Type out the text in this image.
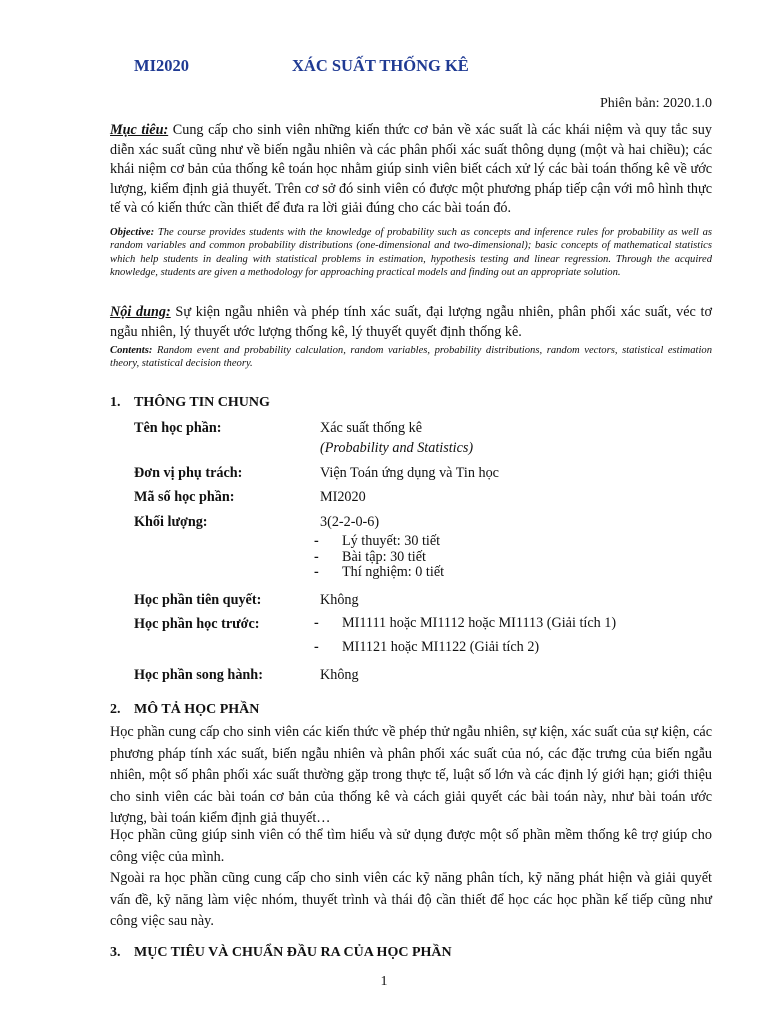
MI2020	XÁC SUẤT THỐNG KÊ
Phiên bản: 2020.1.0

Mục tiêu: Cung cấp cho sinh viên những kiến thức cơ bản về xác suất là các khái niệm và quy tắc suy diễn xác suất cũng như về biến ngẫu nhiên và các phân phối xác suất thông dụng (một và hai chiều); các khái niệm cơ bản của thống kê toán học nhằm giúp sinh viên biết cách xử lý các bài toán thống kê về ước lượng, kiểm định giả thuyết. Trên cơ sở đó sinh viên có được một phương pháp tiếp cận với mô hình thực tế và có kiến thức cần thiết để đưa ra lời giải đúng cho các bài toán đó.

Objective: The course provides students with the knowledge of probability such as concepts and inference rules for probability as well as random variables and common probability distributions (one-dimensional and two-dimensional); basic concepts of mathematical statistics which help students in dealing with statistical problems in estimation, hypothesis testing and linear regression. Through the acquired knowledge, students are given a methodology for approaching practical models and finding out an appropriate solution.

Nội dung: Sự kiện ngẫu nhiên và phép tính xác suất, đại lượng ngẫu nhiên, phân phối xác suất, véc tơ ngẫu nhiên, lý thuyết ước lượng thống kê, lý thuyết quyết định thống kê.

Contents: Random event and probability calculation, random variables, probability distributions, random vectors, statistical estimation theory, statistical decision theory.

1. THÔNG TIN CHUNG
Tên học phần:	Xác suất thống kê
(Probability and Statistics)
Đơn vị phụ trách:	Viện Toán ứng dụng và Tin học
Mã số học phần:	MI2020
Khối lượng:	3(2-2-0-6)
- Lý thuyết: 30 tiết
- Bài tập: 30 tiết
- Thí nghiệm: 0 tiết
Học phần tiên quyết:	Không
Học phần học trước:	- MI1111 hoặc MI1112 hoặc MI1113 (Giải tích 1)
- MI1121 hoặc MI1122 (Giải tích 2)
Học phần song hành:	Không
2. MÔ TẢ HỌC PHẦN

Học phần cung cấp cho sinh viên các kiến thức về phép thử ngẫu nhiên, sự kiện, xác suất của sự kiện, các phương pháp tính xác suất, biến ngẫu nhiên và phân phối xác suất của nó, các đặc trưng của biến ngẫu nhiên, một số phân phối xác suất thường gặp trong thực tế, luật số lớn và các định lý giới hạn; giới thiệu cho sinh viên các bài toán cơ bản của thống kê và cách giải quyết các bài toán này, như bài toán ước lượng, bài toán kiểm định giả thuyết…

Học phần cũng giúp sinh viên có thể tìm hiểu và sử dụng được một số phần mềm thống kê trợ giúp cho công việc của mình.

Ngoài ra học phần cũng cung cấp cho sinh viên các kỹ năng phân tích, kỹ năng phát hiện và giải quyết vấn đề, kỹ năng làm việc nhóm, thuyết trình và thái độ cần thiết để học các học phần kế tiếp cũng như công việc sau này.

3. MỤC TIÊU VÀ CHUẨN ĐẦU RA CỦA HỌC PHẦN
1
